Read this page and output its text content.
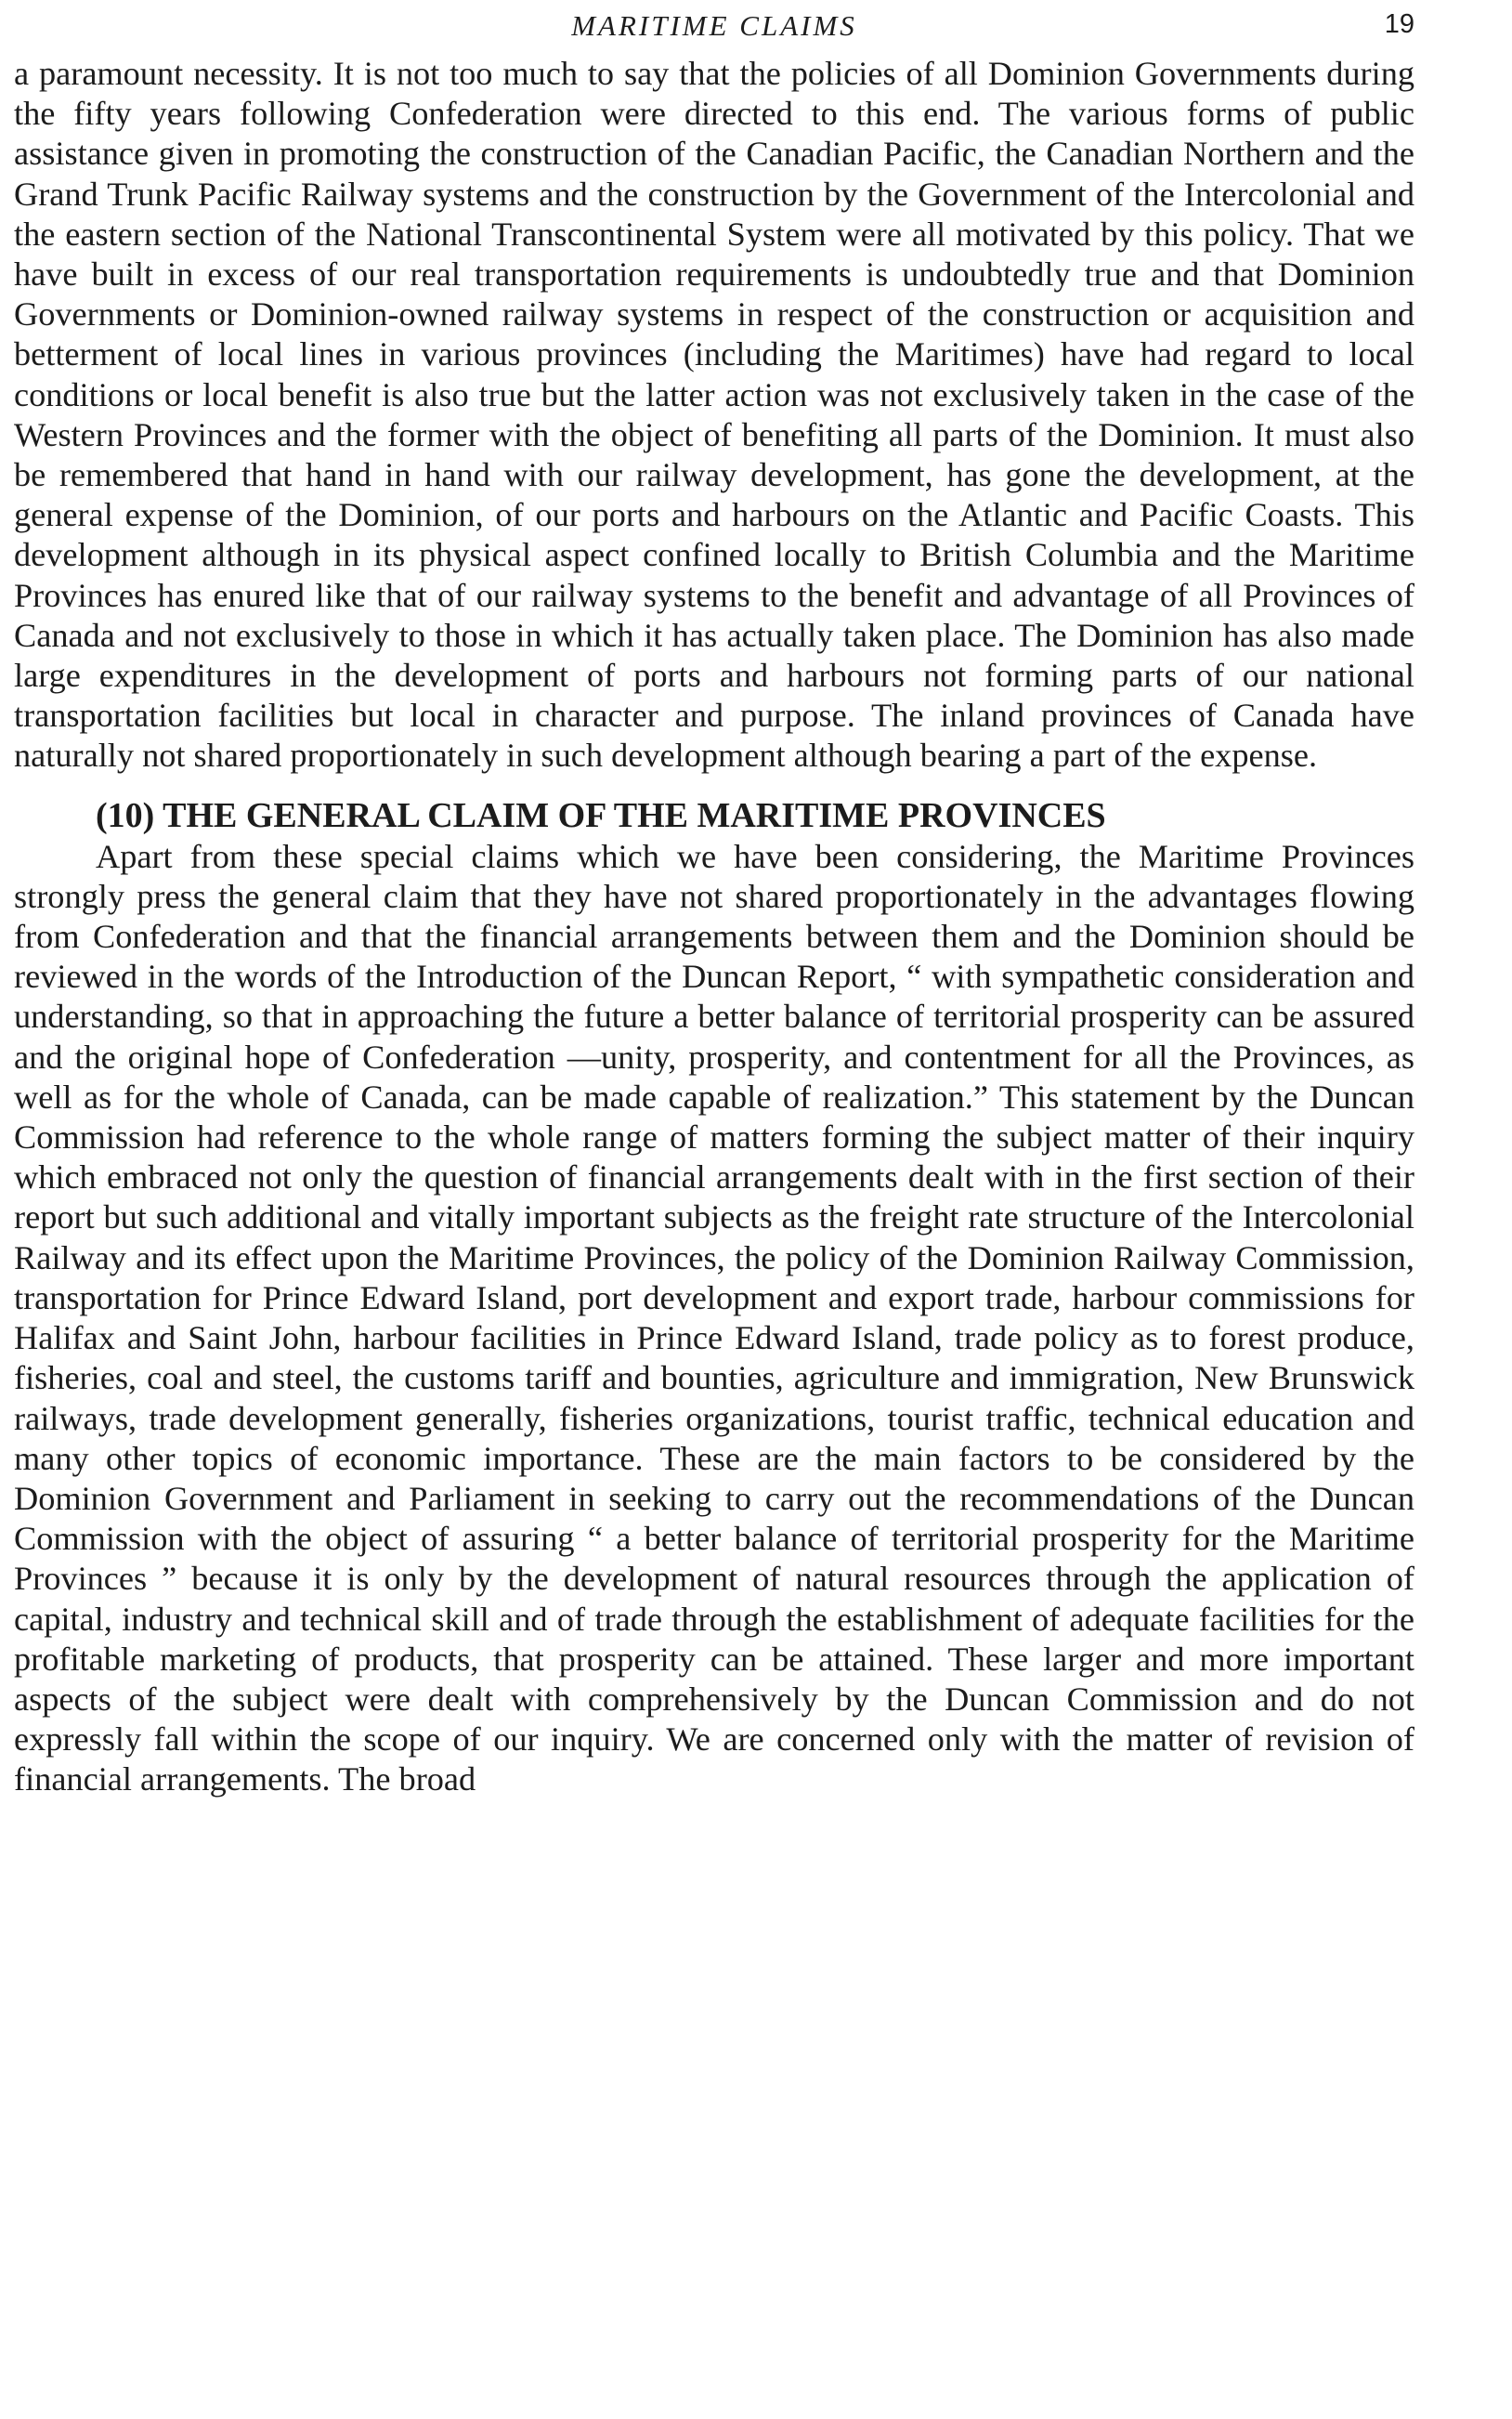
MARITIME CLAIMS	19

a paramount necessity. It is not too much to say that the policies of all Dominion Governments during the fifty years following Confederation were directed to this end. The various forms of public assistance given in promoting the construction of the Canadian Pacific, the Canadian Northern and the Grand Trunk Pacific Railway systems and the construction by the Government of the Intercolonial and the eastern section of the National Transcontinental System were all motivated by this policy. That we have built in excess of our real transportation requirements is undoubtedly true and that Dominion Governments or Dominion-owned railway systems in respect of the construction or acquisition and betterment of local lines in various provinces (including the Maritimes) have had regard to local conditions or local benefit is also true but the latter action was not exclusively taken in the case of the Western Provinces and the former with the object of benefiting all parts of the Dominion. It must also be remembered that hand in hand with our railway development, has gone the development, at the general expense of the Dominion, of our ports and harbours on the Atlantic and Pacific Coasts. This development although in its physical aspect confined locally to British Columbia and the Maritime Provinces has enured like that of our railway systems to the benefit and advantage of all Provinces of Canada and not exclusively to those in which it has actually taken place. The Dominion has also made large expenditures in the development of ports and harbours not forming parts of our national transportation facilities but local in character and purpose. The inland provinces of Canada have naturally not shared proportionately in such development although bearing a part of the expense.

(10) THE GENERAL CLAIM OF THE MARITIME PROVINCES

Apart from these special claims which we have been considering, the Maritime Provinces strongly press the general claim that they have not shared proportionately in the advantages flowing from Confederation and that the financial arrangements between them and the Dominion should be reviewed in the words of the Introduction of the Duncan Report, “ with sympathetic consideration and understanding, so that in approaching the future a better balance of territorial prosperity can be assured and the original hope of Confederation —unity, prosperity, and contentment for all the Provinces, as well as for the whole of Canada, can be made capable of realization.” This statement by the Duncan Commission had reference to the whole range of matters forming the subject matter of their inquiry which embraced not only the question of financial arrangements dealt with in the first section of their report but such additional and vitally important subjects as the freight rate structure of the Intercolonial Railway and its effect upon the Maritime Provinces, the policy of the Dominion Railway Commission, transportation for Prince Edward Island, port development and export trade, harbour commissions for Halifax and Saint John, harbour facilities in Prince Edward Island, trade policy as to forest produce, fisheries, coal and steel, the customs tariff and bounties, agriculture and immigration, New Brunswick railways, trade development generally, fisheries organizations, tourist traffic, technical education and many other topics of economic importance. These are the main factors to be considered by the Dominion Government and Parliament in seeking to carry out the recommendations of the Duncan Commission with the object of assuring “ a better balance of territorial prosperity for the Maritime Provinces ” because it is only by the development of natural resources through the application of capital, industry and technical skill and of trade through the establishment of adequate facilities for the profitable marketing of products, that prosperity can be attained. These larger and more important aspects of the subject were dealt with comprehensively by the Duncan Commission and do not expressly fall within the scope of our inquiry. We are concerned only with the matter of revision of financial arrangements. The broad
